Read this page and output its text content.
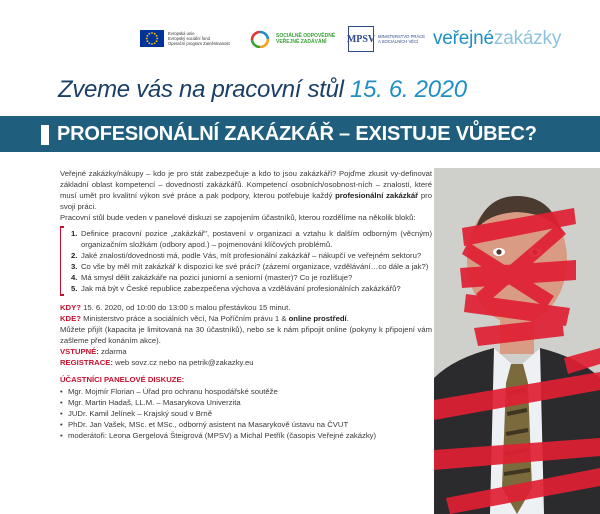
Evropská unie
Evropský sociální fond
Operační program Zaměstnanost
SOCIÁLNĚ ODPOVĚDNÉ
VEŘEJNÉ ZADÁVÁNÍ	MPSV MINISTERSTVO PRÁCE
A SOCIÁLNÍCH VĚCÍ veřejné zakázky
Zveme vás na pracovní stůl 15. 6. 2020
PROFESIONÁLNÍ ZAKÁZKÁŘ – EXISTUJE VŮBEC?

Veřejné zakázky/nákupy – kdo je pro stát zabezpečuje a kdo to jsou zakázkáři? Pojďme zkusit vy-definovat základní oblast kompetencí – dovedností zakázkářů. Kompetencí osobních/osobnost-ních – znalostí, které musí umět pro kvalitní výkon své práce a pak podpory, kterou potřebuje každý profesionální zakázkář pro svoji práci.

Pracovní stůl bude veden v panelové diskuzi se zapojením účastníků, kterou rozdělíme na několik bloků:

1. Definice pracovní pozice „zakázkář", postavení v organizaci a vztahu k dalším odborným (věcným) organizačním složkám (odbory apod.) – pojmenování klíčových problémů.
2. Jaké znalosti/dovednosti má, podle Vás, mít profesionální zakázkář – nákupčí ve veřejném sektoru?
3. Co vše by měl mít zakázkář k dispozici ke své práci? (zázemí organizace, vzdělávání…co dále a jak?)
4. Má smysl dělit zakázkáře na pozici juniorní a seniorní (master)? Co je rozlišuje?
5. Jak má být v České republice zabezpečena výchova a vzdělávání profesionálních zakázkářů?

KDY? 15. 6. 2020, od 10:00 do 13:00 s malou přestávkou 15 minut.

KDE? Ministerstvo práce a sociálních věcí, Na Poříčním právu 1 & online prostředí.

Můžete přijít (kapacita je limitovaná na 30 účastníků), nebo se k nám připojit online (pokyny k připojení vám zašleme před konáním akce).

VSTUPNÉ: zdarma

REGISTRACE: web sovz.cz nebo na petrik@zakazky.eu

ÚČASTNÍCI PANELOVÉ DISKUZE:

• Mgr. Mojmír Florian – Úřad pro ochranu hospodářské soutěže
• Mgr. Martin Hadaš, LL.M. – Masarykova Univerzita
• JUDr. Kamil Jelínek – Krajský soud v Brně
• PhDr. Jan Vašek, MSc. et MSc., odborný asistent na Masarykově ústavu na ČVUT
• moderátoři: Leona Gergelová Šteigrová (MPSV) a Michal Petřík (časopis Veřejné zakázky)
